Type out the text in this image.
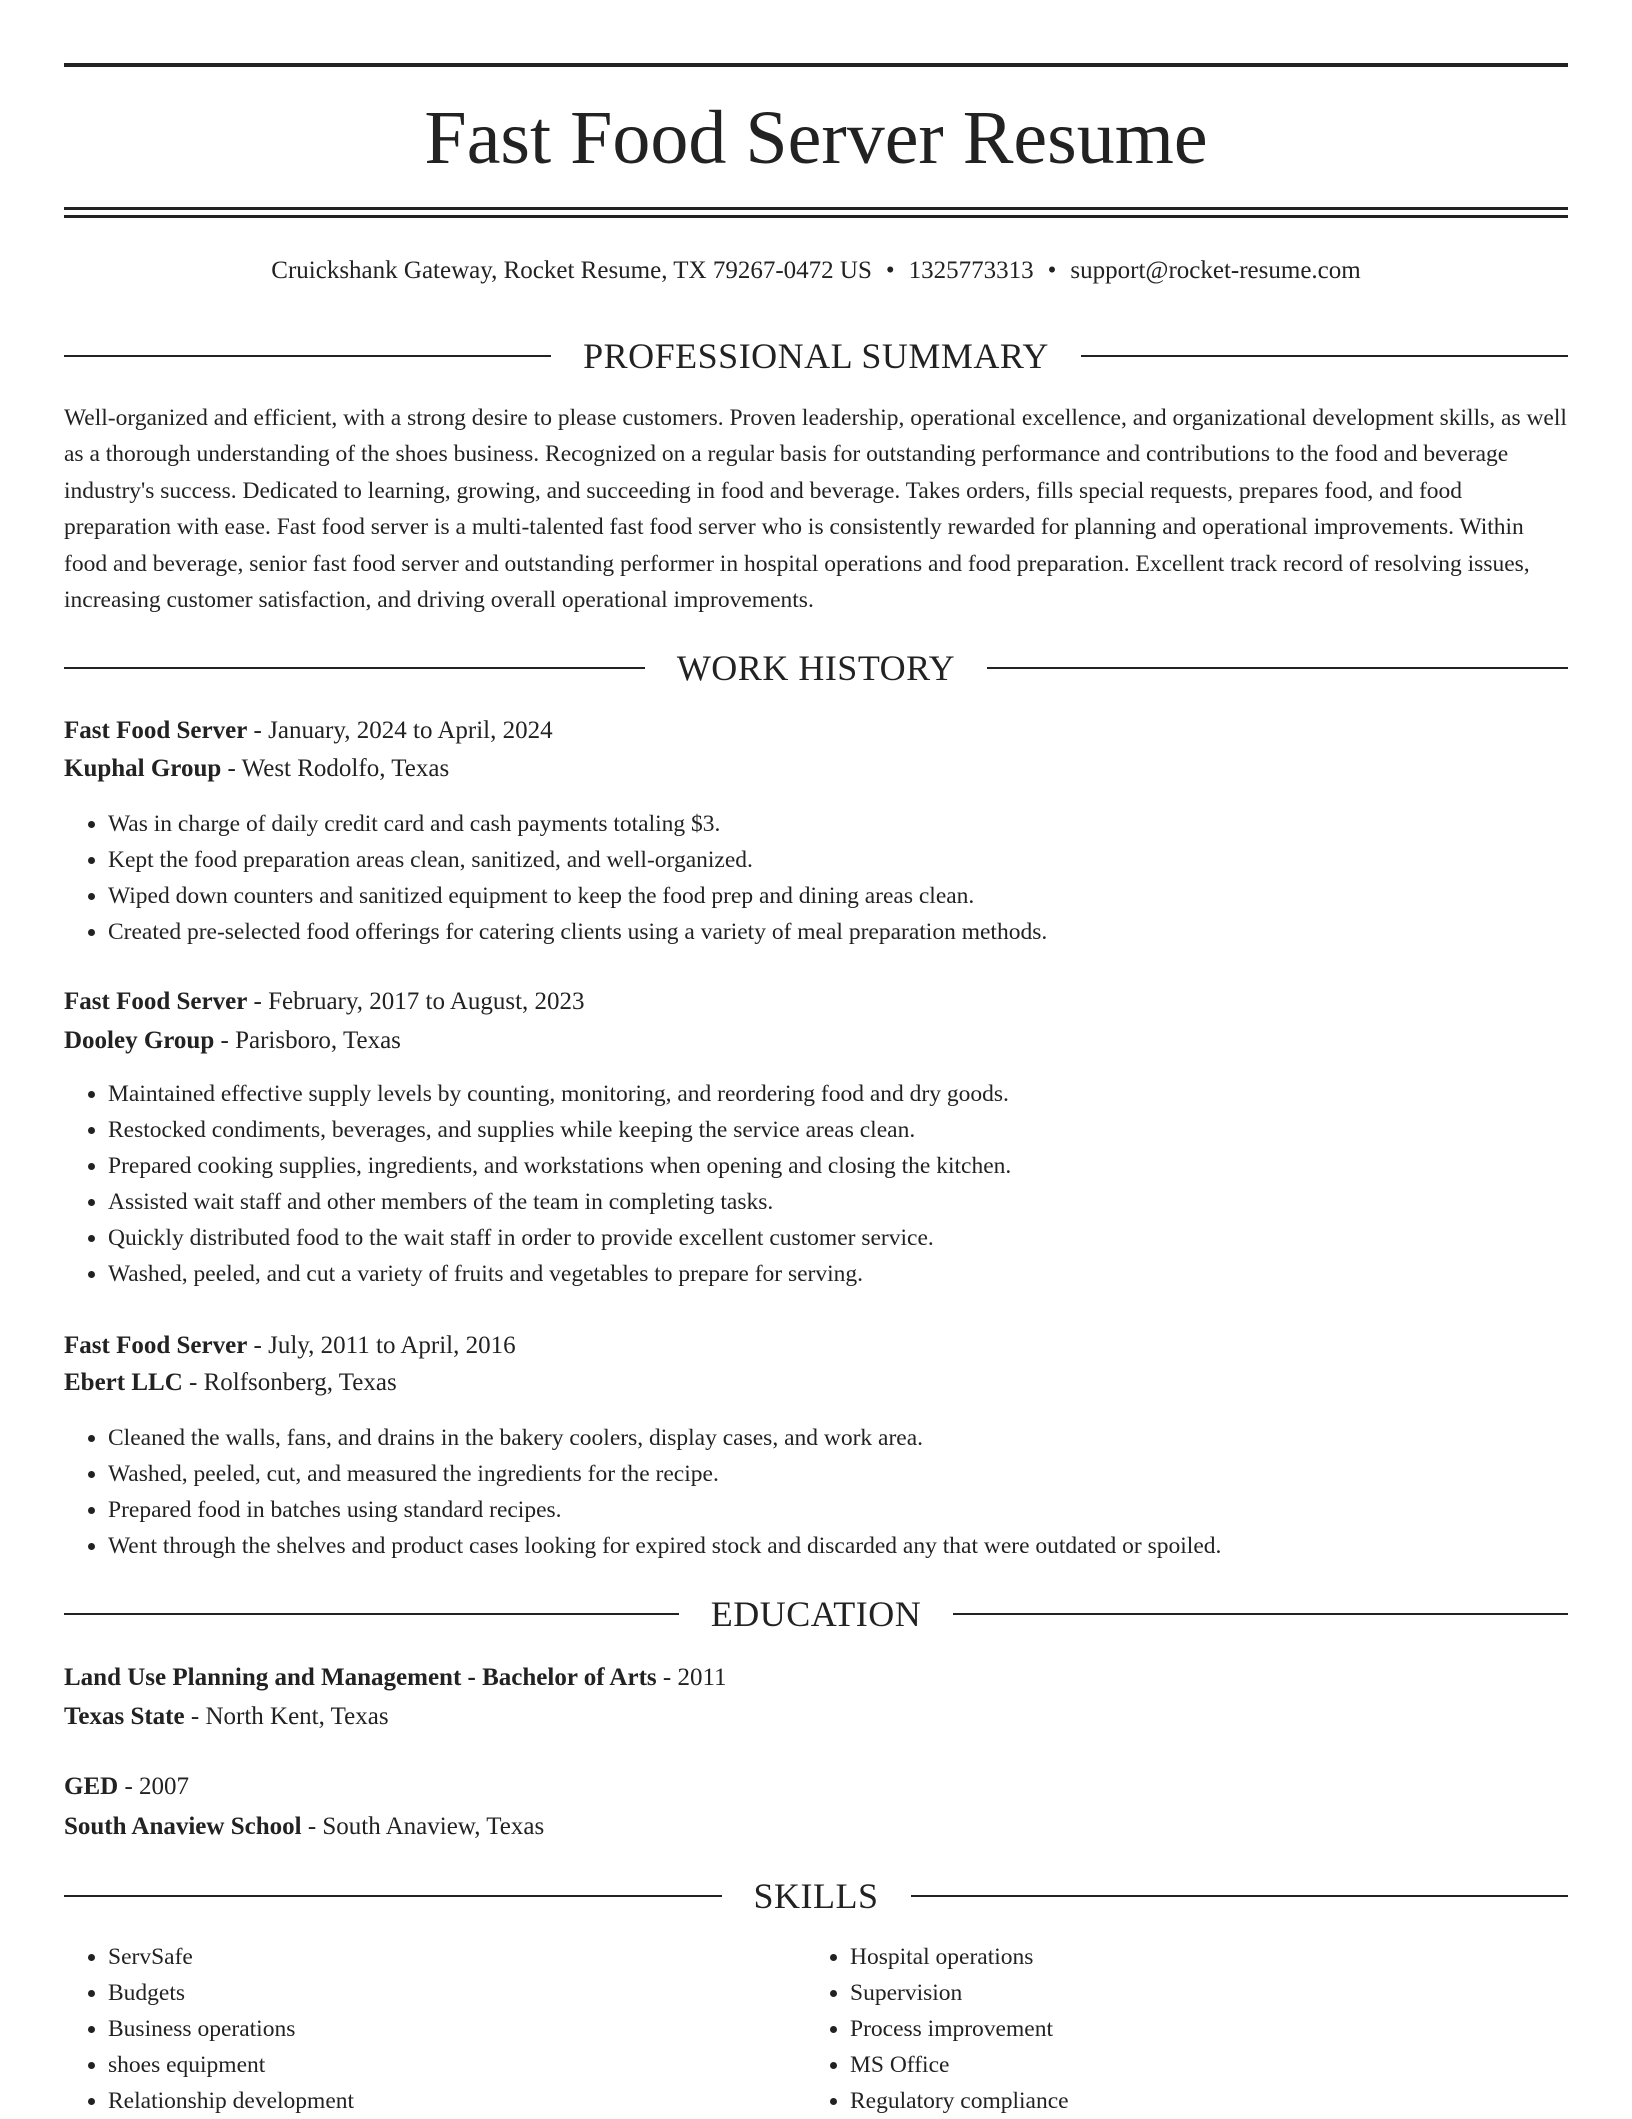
Fast Food Server Resume
Cruickshank Gateway, Rocket Resume, TX 79267-0472 US • 1325773313 • support@rocket-resume.com
PROFESSIONAL SUMMARY

Well-organized and efficient, with a strong desire to please customers. Proven leadership, operational excellence, and organizational development skills, as well as a thorough understanding of the shoes business. Recognized on a regular basis for outstanding performance and contributions to the food and beverage industry's success. Dedicated to learning, growing, and succeeding in food and beverage. Takes orders, fills special requests, prepares food, and food preparation with ease. Fast food server is a multi-talented fast food server who is consistently rewarded for planning and operational improvements. Within food and beverage, senior fast food server and outstanding performer in hospital operations and food preparation. Excellent track record of resolving issues, increasing customer satisfaction, and driving overall operational improvements.

WORK HISTORY
Fast Food Server - January, 2024 to April, 2024
Kuphal Group - West Rodolfo, Texas
• Was in charge of daily credit card and cash payments totaling $3.
• Kept the food preparation areas clean, sanitized, and well-organized.
• Wiped down counters and sanitized equipment to keep the food prep and dining areas clean.
• Created pre-selected food offerings for catering clients using a variety of meal preparation methods.
Fast Food Server - February, 2017 to August, 2023
Dooley Group - Parisboro, Texas
• Maintained effective supply levels by counting, monitoring, and reordering food and dry goods.
• Restocked condiments, beverages, and supplies while keeping the service areas clean.
• Prepared cooking supplies, ingredients, and workstations when opening and closing the kitchen.
• Assisted wait staff and other members of the team in completing tasks.
• Quickly distributed food to the wait staff in order to provide excellent customer service.
• Washed, peeled, and cut a variety of fruits and vegetables to prepare for serving.
Fast Food Server - July, 2011 to April, 2016
Ebert LLC - Rolfsonberg, Texas
• Cleaned the walls, fans, and drains in the bakery coolers, display cases, and work area.
• Washed, peeled, cut, and measured the ingredients for the recipe.
• Prepared food in batches using standard recipes.
• Went through the shelves and product cases looking for expired stock and discarded any that were outdated or spoiled.
EDUCATION
Land Use Planning and Management - Bachelor of Arts - 2011
Texas State - North Kent, Texas
GED - 2007
South Anaview School - South Anaview, Texas
SKILLS
• ServSafe
• Budgets
• Business operations
• shoes equipment
• Relationship development
• Hospital operations
• Supervision
• Process improvement
• MS Office
• Regulatory compliance
